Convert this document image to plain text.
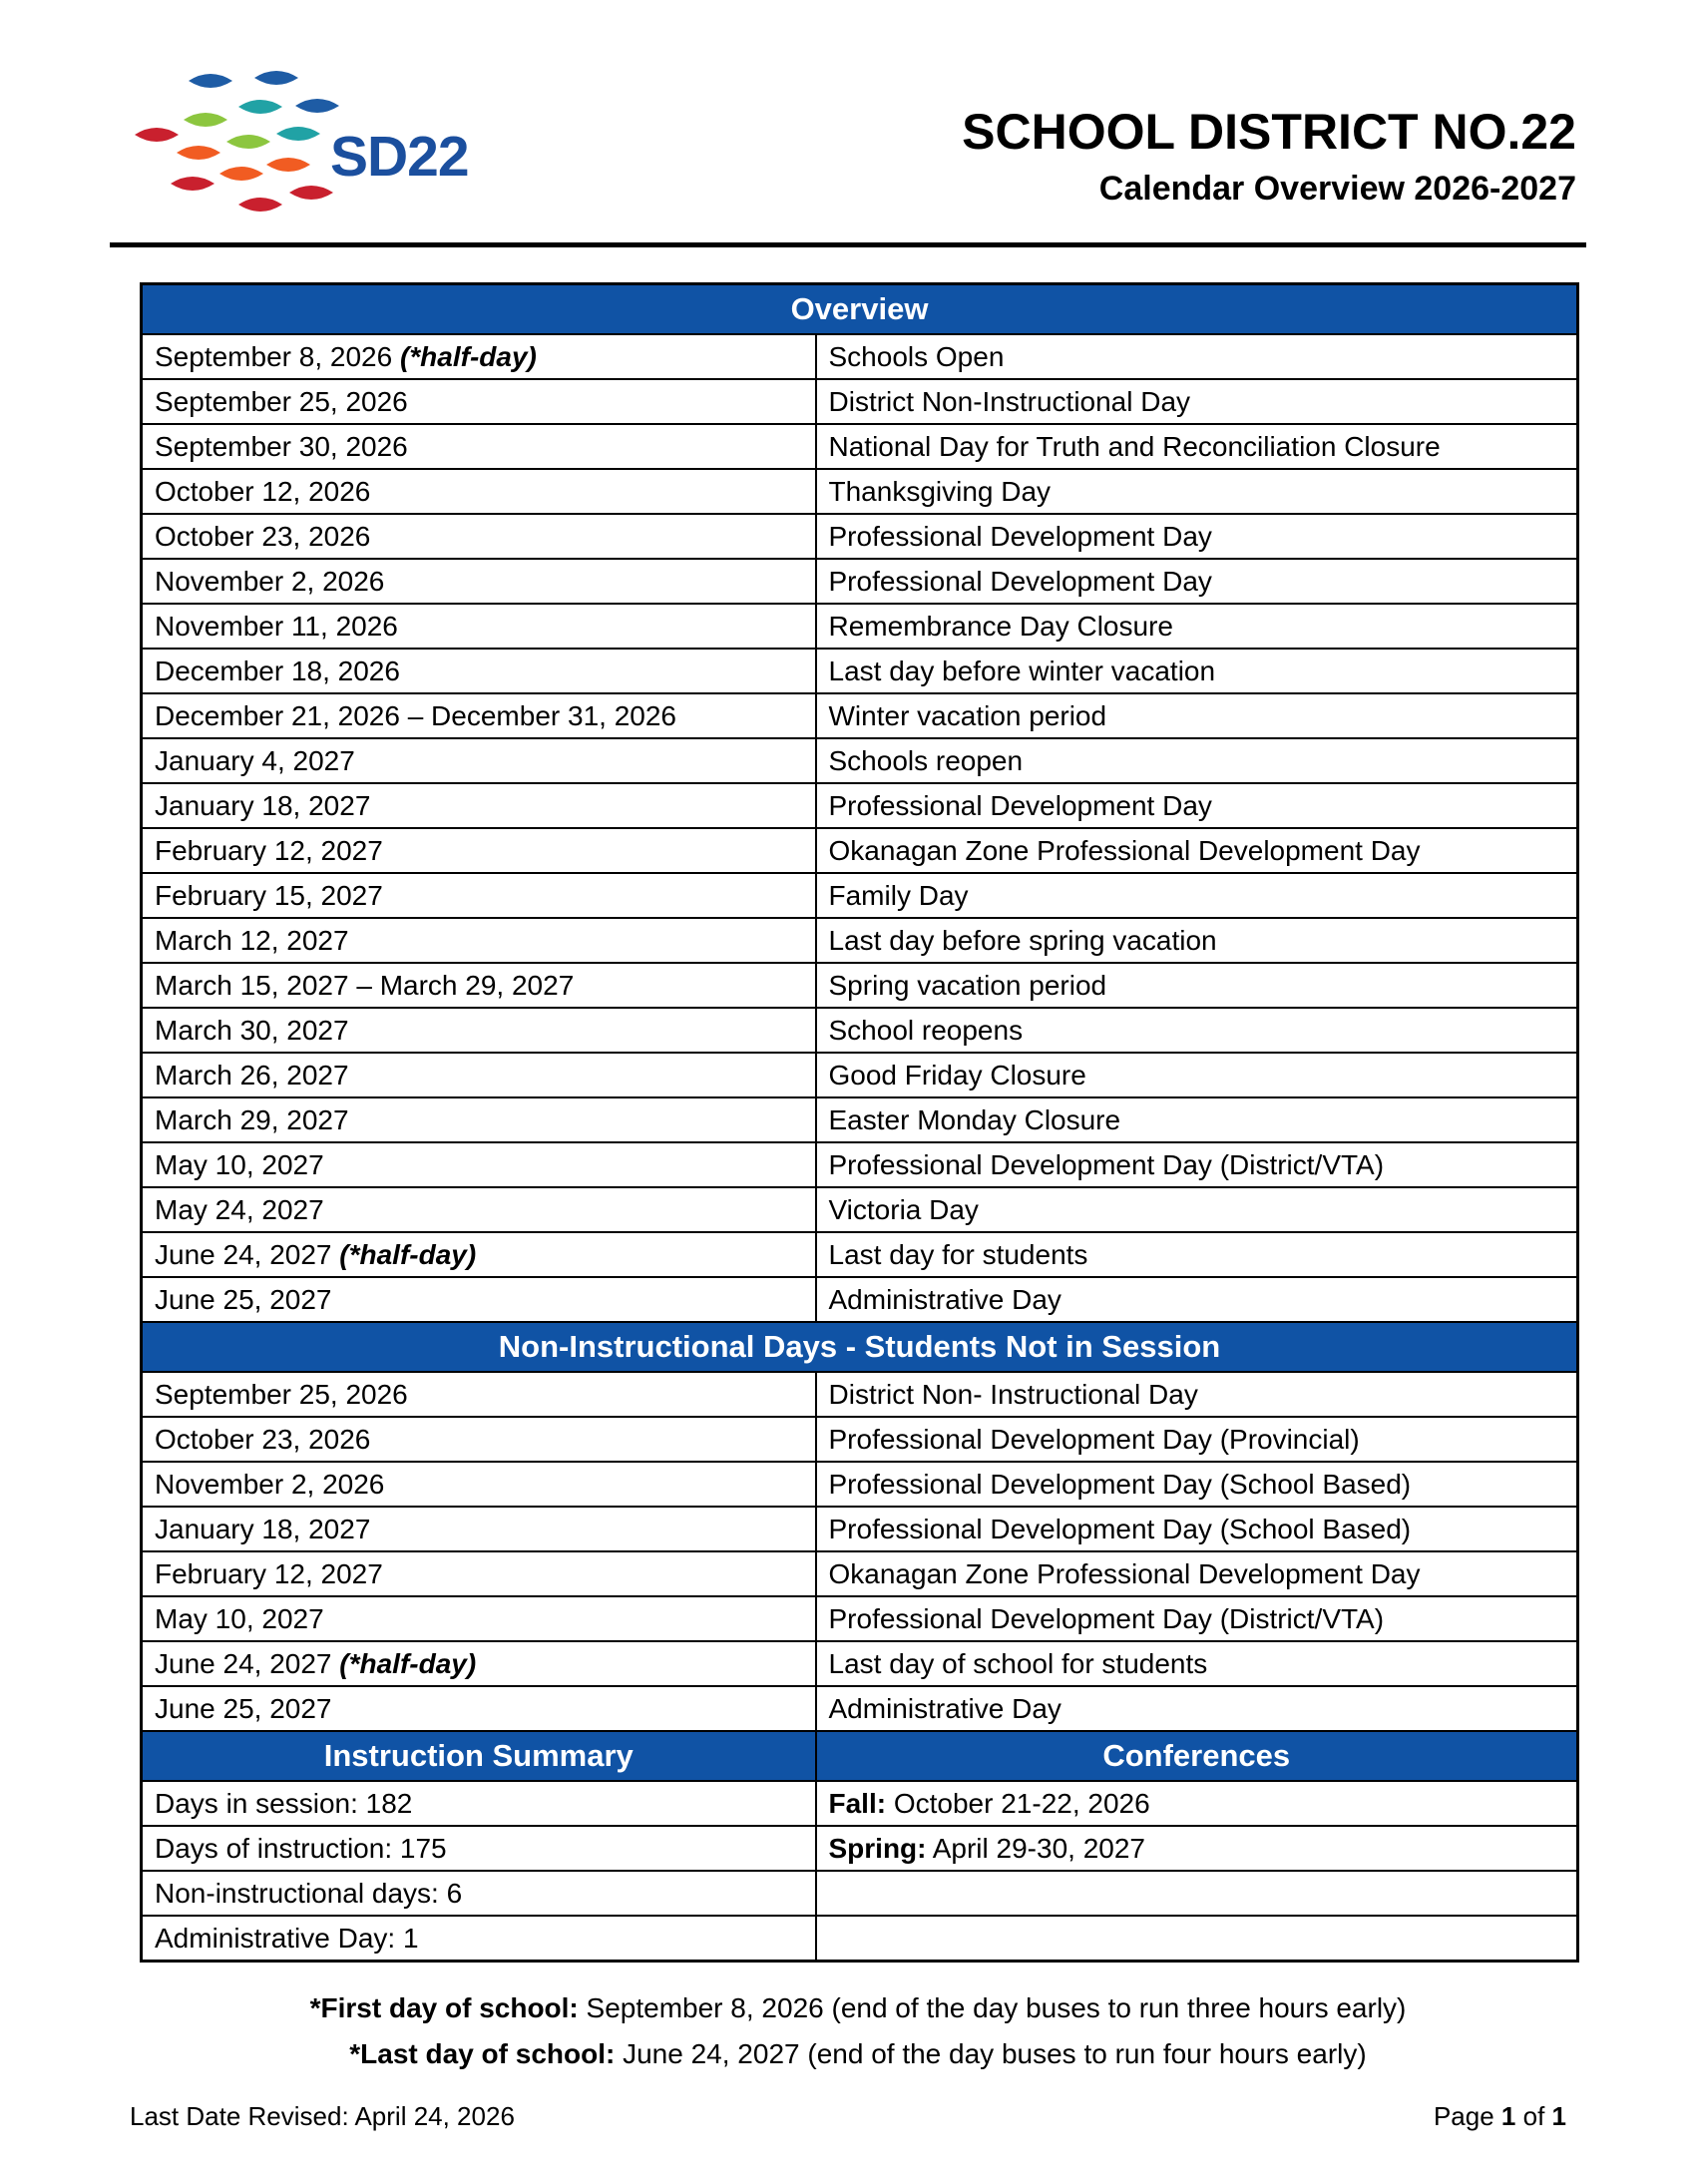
SD22	SCHOOL DISTRICT NO.22
Calendar Overview 2026-2027
Overview	
September 8, 2026 (*half-day)	Schools Open
September 25, 2026	District Non-Instructional Day
September 30, 2026	National Day for Truth and Reconciliation Closure
October 12, 2026	Thanksgiving Day
October 23, 2026	Professional Development Day
November 2, 2026	Professional Development Day
November 11, 2026	Remembrance Day Closure
December 18, 2026	Last day before winter vacation
December 21, 2026 – December 31, 2026	Winter vacation period
January 4, 2027	Schools reopen
January 18, 2027	Professional Development Day
February 12, 2027	Okanagan Zone Professional Development Day
February 15, 2027	Family Day
March 12, 2027	Last day before spring vacation
March 15, 2027 – March 29, 2027	Spring vacation period
March 30, 2027	School reopens
March 26, 2027	Good Friday Closure
March 29, 2027	Easter Monday Closure
May 10, 2027	Professional Development Day (District/VTA)
May 24, 2027	Victoria Day
June 24, 2027 (*half-day)	Last day for students
June 25, 2027	Administrative Day
Non-Instructional Days - Students Not in Session	
September 25, 2026	District Non- Instructional Day
October 23, 2026	Professional Development Day (Provincial)
November 2, 2026	Professional Development Day (School Based)
January 18, 2027	Professional Development Day (School Based)
February 12, 2027	Okanagan Zone Professional Development Day
May 10, 2027	Professional Development Day (District/VTA)
June 24, 2027 (*half-day)	Last day of school for students
June 25, 2027	Administrative Day
Instruction Summary	Conferences
Days in session: 182	Fall: October 21-22, 2026
Days of instruction: 175	Spring: April 29-30, 2027
Non-instructional days: 6	
Administrative Day: 1	
*First day of school: September 8, 2026 (end of the day buses to run three hours early)
*Last day of school: June 24, 2027 (end of the day buses to run four hours early)
Last Date Revised: April 24, 2026	Page 1 of 1
